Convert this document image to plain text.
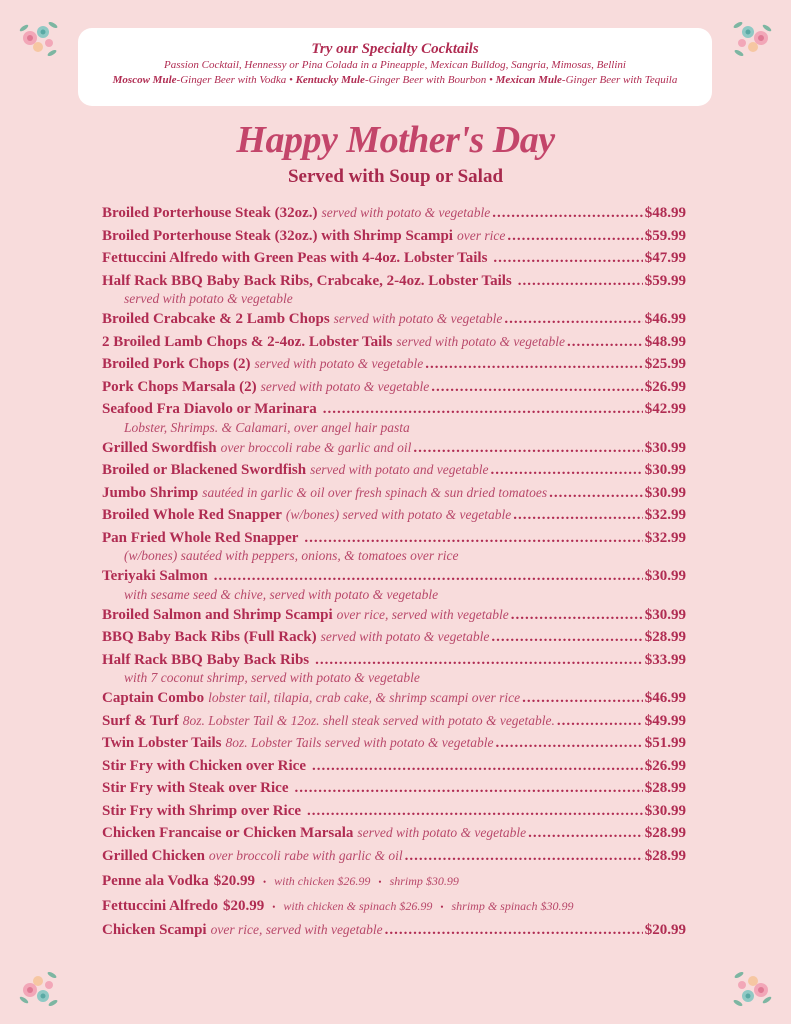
Try our Specialty Cocktails
Passion Cocktail, Hennessy or Pina Colada in a Pineapple, Mexican Bulldog, Sangria, Mimosas, Bellini
Moscow Mule-Ginger Beer with Vodka • Kentucky Mule-Ginger Beer with Bourbon • Mexican Mule-Ginger Beer with Tequila
Happy Mother's Day
Served with Soup or Salad
Broiled Porterhouse Steak (32oz.) served with potato & vegetable .....	$48.99
Broiled Porterhouse Steak (32oz.) with Shrimp Scampi over rice .....	$59.99
Fettuccini Alfredo with Green Peas with 4-4oz. Lobster Tails .....	$47.99
Half Rack BBQ Baby Back Ribs, Crabcake, 2-4oz. Lobster Tails .....	$59.99
served with potato & vegetable
Broiled Crabcake & 2 Lamb Chops served with potato & vegetable .....	$46.99
2 Broiled Lamb Chops & 2-4oz. Lobster Tails served with potato & vegetable .....	$48.99
Broiled Pork Chops (2) served with potato & vegetable .....	$25.99
Pork Chops Marsala (2) served with potato & vegetable .....	$26.99
Seafood Fra Diavolo or Marinara .....	$42.99
Lobster, Shrimps. & Calamari, over angel hair pasta
Grilled Swordfish over broccoli rabe & garlic and oil .....	$30.99
Broiled or Blackened Swordfish served with potato and vegetable .....	$30.99
Jumbo Shrimp sautéed in garlic & oil over fresh spinach & sun dried tomatoes .....	$30.99
Broiled Whole Red Snapper (w/bones) served with potato & vegetable .....	$32.99
Pan Fried Whole Red Snapper .....	$32.99
(w/bones) sautéed with peppers, onions, & tomatoes over rice
Teriyaki Salmon .....	$30.99
with sesame seed & chive, served with potato & vegetable
Broiled Salmon and Shrimp Scampi over rice, served with vegetable .....	$30.99
BBQ Baby Back Ribs (Full Rack) served with potato & vegetable .....	$28.99
Half Rack BBQ Baby Back Ribs .....	$33.99
with 7 coconut shrimp, served with potato & vegetable
Captain Combo lobster tail, tilapia, crab cake, & shrimp scampi over rice .....	$46.99
Surf & Turf 8oz. Lobster Tail & 12oz. shell steak served with potato & vegetable. .....	$49.99
Twin Lobster Tails 8oz. Lobster Tails served with potato & vegetable .....	$51.99
Stir Fry with Chicken over Rice .....	$26.99
Stir Fry with Steak over Rice .....	$28.99
Stir Fry with Shrimp over Rice .....	$30.99
Chicken Francaise or Chicken Marsala served with potato & vegetable .....	$28.99
Grilled Chicken over broccoli rabe with garlic & oil .....	$28.99
Penne ala Vodka $20.99 • with chicken $26.99 • shrimp $30.99
Fettuccini Alfredo $20.99 • with chicken & spinach $26.99 • shrimp & spinach $30.99
Chicken Scampi over rice, served with vegetable .....	$20.99
